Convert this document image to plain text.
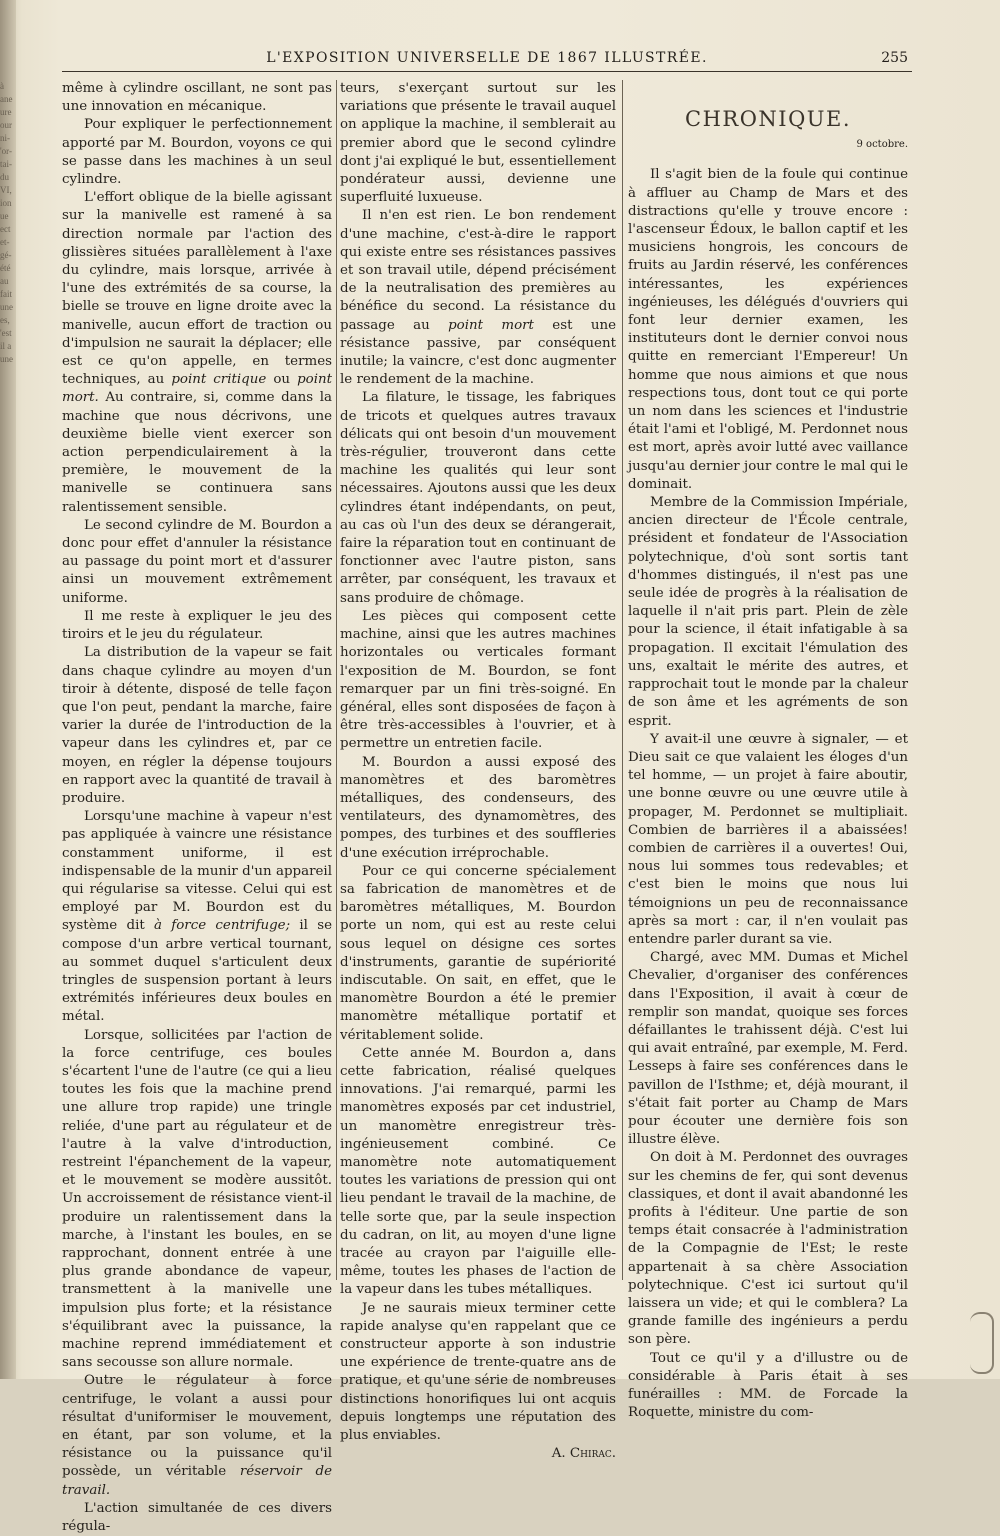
à
ane
ure
our
ni-
'or-
tai-
du
VI,
ion
ue
ect
et-
gé-
été
au
fait
une
es,
'est
il a
une
L'EXPOSITION UNIVERSELLE DE 1867 ILLUSTRÉE.	255

même à cylindre oscillant, ne sont pas une innovation en mécanique.

Pour expliquer le perfectionnement apporté par M. Bourdon, voyons ce qui se passe dans les machines à un seul cylindre.

L'effort oblique de la bielle agissant sur la manivelle est ramené à sa direction normale par l'action des glissières situées parallèlement à l'axe du cylindre, mais lorsque, arrivée à l'une des extrémités de sa course, la bielle se trouve en ligne droite avec la manivelle, aucun effort de traction ou d'impulsion ne saurait la déplacer; elle est ce qu'on appelle, en termes techniques, au point critique ou point mort. Au contraire, si, comme dans la machine que nous décrivons, une deuxième bielle vient exercer son action perpendiculairement à la première, le mouvement de la manivelle se continuera sans ralentissement sensible.

Le second cylindre de M. Bourdon a donc pour effet d'annuler la résistance au passage du point mort et d'assurer ainsi un mouvement extrêmement uniforme.

Il me reste à expliquer le jeu des tiroirs et le jeu du régulateur.

La distribution de la vapeur se fait dans chaque cylindre au moyen d'un tiroir à détente, disposé de telle façon que l'on peut, pendant la marche, faire varier la durée de l'introduction de la vapeur dans les cylindres et, par ce moyen, en régler la dépense toujours en rapport avec la quantité de travail à produire.

Lorsqu'une machine à vapeur n'est pas appliquée à vaincre une résistance constamment uniforme, il est indispensable de la munir d'un appareil qui régularise sa vitesse. Celui qui est employé par M. Bourdon est du système dit à force centrifuge; il se compose d'un arbre vertical tournant, au sommet duquel s'articulent deux tringles de suspension portant à leurs extrémités inférieures deux boules en métal.

Lorsque, sollicitées par l'action de la force centrifuge, ces boules s'écartent l'une de l'autre (ce qui a lieu toutes les fois que la machine prend une allure trop rapide) une tringle reliée, d'une part au régulateur et de l'autre à la valve d'introduction, restreint l'épanchement de la vapeur, et le mouvement se modère aussitôt. Un accroissement de résistance vient-il produire un ralentissement dans la marche, à l'instant les boules, en se rapprochant, donnent entrée à une plus grande abondance de vapeur, transmettent à la manivelle une impulsion plus forte; et la résistance s'équilibrant avec la puissance, la machine reprend immédiatement et sans secousse son allure normale.

Outre le régulateur à force centrifuge, le volant a aussi pour résultat d'uniformiser le mouvement, en étant, par son volume, et la résistance ou la puissance qu'il possède, un véritable réservoir de travail.

L'action simultanée de ces divers régula-

teurs, s'exerçant surtout sur les variations que présente le travail auquel on applique la machine, il semblerait au premier abord que le second cylindre dont j'ai expliqué le but, essentiellement pondérateur aussi, devienne une superfluité luxueuse.

Il n'en est rien. Le bon rendement d'une machine, c'est-à-dire le rapport qui existe entre ses résistances passives et son travail utile, dépend précisément de la neutralisation des premières au bénéfice du second. La résistance du passage au point mort est une résistance passive, par conséquent inutile; la vaincre, c'est donc augmenter le rendement de la machine.

La filature, le tissage, les fabriques de tricots et quelques autres travaux délicats qui ont besoin d'un mouvement très-régulier, trouveront dans cette machine les qualités qui leur sont nécessaires. Ajoutons aussi que les deux cylindres étant indépendants, on peut, au cas où l'un des deux se dérangerait, faire la réparation tout en continuant de fonctionner avec l'autre piston, sans arrêter, par conséquent, les travaux et sans produire de chômage.

Les pièces qui composent cette machine, ainsi que les autres machines horizontales ou verticales formant l'exposition de M. Bourdon, se font remarquer par un fini très-soigné. En général, elles sont disposées de façon à être très-accessibles à l'ouvrier, et à permettre un entretien facile.

M. Bourdon a aussi exposé des manomètres et des baromètres métalliques, des condenseurs, des ventilateurs, des dynamomètres, des pompes, des turbines et des souffleries d'une exécution irréprochable.

Pour ce qui concerne spécialement sa fabrication de manomètres et de baromètres métalliques, M. Bourdon porte un nom, qui est au reste celui sous lequel on désigne ces sortes d'instruments, garantie de supériorité indiscutable. On sait, en effet, que le manomètre Bourdon a été le premier manomètre métallique portatif et véritablement solide.

Cette année M. Bourdon a, dans cette fabrication, réalisé quelques innovations. J'ai remarqué, parmi les manomètres exposés par cet industriel, un manomètre enregistreur très-ingénieusement combiné. Ce manomètre note automatiquement toutes les variations de pression qui ont lieu pendant le travail de la machine, de telle sorte que, par la seule inspection du cadran, on lit, au moyen d'une ligne tracée au crayon par l'aiguille elle-même, toutes les phases de l'action de la vapeur dans les tubes métalliques.

Je ne saurais mieux terminer cette rapide analyse qu'en rappelant que ce constructeur apporte à son industrie une expérience de trente-quatre ans de pratique, et qu'une série de nombreuses distinctions honorifiques lui ont acquis depuis longtemps une réputation des plus enviables.

A. Chirac.
CHRONIQUE.
9 octobre.

Il s'agit bien de la foule qui continue à affluer au Champ de Mars et des distractions qu'elle y trouve encore : l'ascenseur Édoux, le ballon captif et les musiciens hongrois, les concours de fruits au Jardin réservé, les conférences intéressantes, les expériences ingénieuses, les délégués d'ouvriers qui font leur dernier examen, les instituteurs dont le dernier convoi nous quitte en remerciant l'Empereur! Un homme que nous aimions et que nous respections tous, dont tout ce qui porte un nom dans les sciences et l'industrie était l'ami et l'obligé, M. Perdonnet nous est mort, après avoir lutté avec vaillance jusqu'au dernier jour contre le mal qui le dominait.

Membre de la Commission Impériale, ancien directeur de l'École centrale, président et fondateur de l'Association polytechnique, d'où sont sortis tant d'hommes distingués, il n'est pas une seule idée de progrès à la réalisation de laquelle il n'ait pris part. Plein de zèle pour la science, il était infatigable à sa propagation. Il excitait l'émulation des uns, exaltait le mérite des autres, et rapprochait tout le monde par la chaleur de son âme et les agréments de son esprit.

Y avait-il une œuvre à signaler, — et Dieu sait ce que valaient les éloges d'un tel homme, — un projet à faire aboutir, une bonne œuvre ou une œuvre utile à propager, M. Perdonnet se multipliait. Combien de barrières il a abaissées! combien de carrières il a ouvertes! Oui, nous lui sommes tous redevables; et c'est bien le moins que nous lui témoignions un peu de reconnaissance après sa mort : car, il n'en voulait pas entendre parler durant sa vie.

Chargé, avec MM. Dumas et Michel Chevalier, d'organiser des conférences dans l'Exposition, il avait à cœur de remplir son mandat, quoique ses forces défaillantes le trahissent déjà. C'est lui qui avait entraîné, par exemple, M. Ferd. Lesseps à faire ses conférences dans le pavillon de l'Isthme; et, déjà mourant, il s'était fait porter au Champ de Mars pour écouter une dernière fois son illustre élève.

On doit à M. Perdonnet des ouvrages sur les chemins de fer, qui sont devenus classiques, et dont il avait abandonné les profits à l'éditeur. Une partie de son temps était consacrée à l'administration de la Compagnie de l'Est; le reste appartenait à sa chère Association polytechnique. C'est ici surtout qu'il laissera un vide; et qui le comblera? La grande famille des ingénieurs a perdu son père.

Tout ce qu'il y a d'illustre ou de considérable à Paris était à ses funérailles : MM. de Forcade la Roquette, ministre du com-
